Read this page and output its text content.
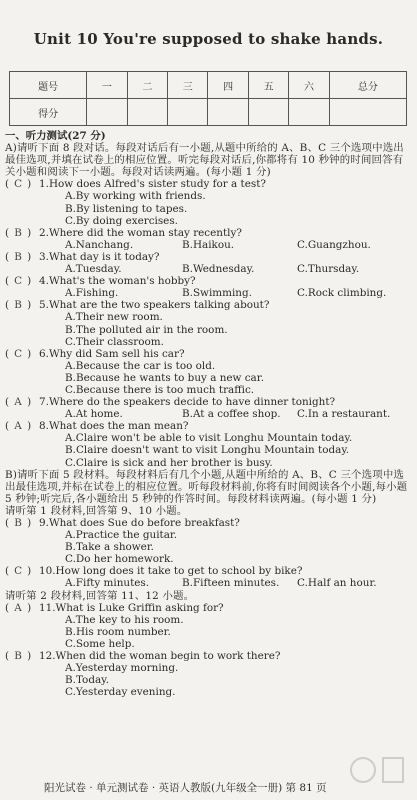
Unit 10 You're supposed to shake hands.
题号	一	二	三	四	五	六	总分
得分							
一、听力测试(27 分)
A)请听下面 8 段对话。每段对话后有一小题,从题中所给的 A、B、C 三个选项中选出最佳选项,并填在试卷上的相应位置。听完每段对话后,你都将有 10 秒钟的时间回答有关小题和阅读下一小题。每段对话读两遍。(每小题 1 分)
( C ) 1.How does Alfred's sister study for a test?
A.By working with friends.
B.By listening to tapes.
C.By doing exercises.
( B ) 2.Where did the woman stay recently?
A.Nanchang.	B.Haikou.	C.Guangzhou.
( B ) 3.What day is it today?
A.Tuesday.	B.Wednesday.	C.Thursday.
( C ) 4.What's the woman's hobby?
A.Fishing.	B.Swimming.	C.Rock climbing.
( B ) 5.What are the two speakers talking about?
A.Their new room.
B.The polluted air in the room.
C.Their classroom.
( C ) 6.Why did Sam sell his car?
A.Because the car is too old.
B.Because he wants to buy a new car.
C.Because there is too much traffic.
( A ) 7.Where do the speakers decide to have dinner tonight?
A.At home.	B.At a coffee shop.	C.In a restaurant.
( A ) 8.What does the man mean?
A.Claire won't be able to visit Longhu Mountain today.
B.Claire doesn't want to visit Longhu Mountain today.
C.Claire is sick and her brother is busy.
B)请听下面 5 段材料。每段材料后有几个小题,从题中所给的 A、B、C 三个选项中选出最佳选项,并标在试卷上的相应位置。听每段材料前,你将有时间阅读各个小题,每小题 5 秒钟;听完后,各小题给出 5 秒钟的作答时间。每段材料读两遍。(每小题 1 分)
请听第 1 段材料,回答第 9、10 小题。
( B ) 9.What does Sue do before breakfast?
A.Practice the guitar.
B.Take a shower.
C.Do her homework.
( C ) 10.How long does it take to get to school by bike?
A.Fifty minutes.	B.Fifteen minutes.	C.Half an hour.
请听第 2 段材料,回答第 11、12 小题。
( A ) 11.What is Luke Griffin asking for?
A.The key to his room.
B.His room number.
C.Some help.
( B ) 12.When did the woman begin to work there?
A.Yesterday morning.
B.Today.
C.Yesterday evening.
阳光试卷 · 单元测试卷 · 英语人教版(九年级全一册) 第 81 页
